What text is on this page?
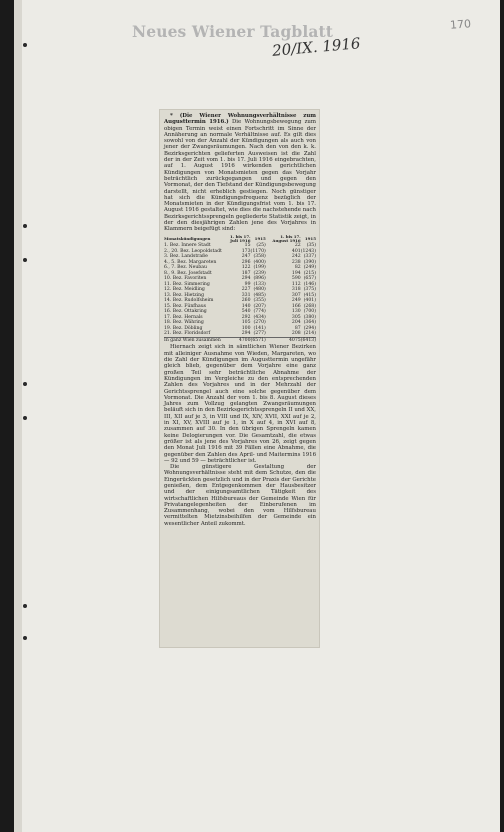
Neues Wiener Tagblatt
20/IX. 1916
170

* (Die Wiener Wohnungsverhältnisse zum Augusttermin 1916.) Die Wohnungsbewegung zum obigen Termin weist einen Fortschritt im Sinne der Annäherung an normale Verhältnisse auf. Es gilt dies sowohl von der Anzahl der Kündigungen als auch von jener der Zwangsräumungen. Nach den von den k. k. Bezirksgerichten gelieferten Ausweisen ist die Zahl der in der Zeit vom 1. bis 17. Juli 1916 eingebrachten, auf 1. August 1916 wirkenden gerichtlichen Kündigungen von Monatsmieten gegen das Vorjahr beträchtlich zurückgegangen und gegen den Vormonat, der den Tiefstand der Kündigungsbewegung darstellt, nicht erheblich gestiegen. Noch günstiger hat sich die Kündigungsfrequenz bezüglich der Monatsmieten in der Kündigungsfrist vom 1. bis 17. August 1916 gestaltet, wie dies die nachstehende nach Bezirksgerichtssprengeln gegliederte Statistik zeigt, in der den diesjährigen Zahlen jene des Vorjahres in Klammern beigefügt sind:

Monatskündigungen	1. bis 17. Juli 1916	1915	1. bis 17. August 1916	1915
1. Bez. Innere Stadt	15	(25)	22	(35)
2., 20. Bez. Leopoldstadt	173	(1170)	401	(1243)
3. Bez. Landstraße	247	(358)	242	(337)
4., 5. Bez. Margareten	296	(400)	238	(390)
6., 7. Bez. Neubau	122	(199)	82	(249)
8., 9. Bez. Josefstadt	187	(239)	194	(215)
10. Bez. Favoriten	294	(896)	590	(657)
11. Bez. Simmering	99	(133)	112	(146)
12. Bez. Meidling	227	(480)	318	(375)
13. Bez. Hietzing	331	(485)	307	(415)
14. Bez. Rudolfsheim	260	(355)	249	(401)
15. Bez. Fünfhaus	140	(207)	166	(268)
16. Bez. Ottakring	540	(774)	130	(700)
17. Bez. Hernals	292	(434)	305	(380)
18. Bez. Währing	105	(270)	204	(364)
19. Bez. Döbling	100	(141)	87	(294)
21. Bez. Floridsdorf	294	(277)	208	(214)
In ganz Wien zusammen	4700	(6571)	4075	(6413)

Hiernach zeigt sich in sämtlichen Wiener Bezirken mit alleiniger Ausnahme von Wieden, Margareten, wo die Zahl der Kündigungen im Augusttermin ungefähr gleich blieb, gegenüber dem Vorjahre eine ganz großen Teil sehr beträchtliche Abnahme der Kündigungen im Vergleiche zu den entsprechenden Zahlen des Vorjahres und in der Mehrzahl der Gerichtssprengel auch eine solche gegenüber dem Vormonat. Die Anzahl der vom 1. bis 8. August dieses Jahres zum Vollzug gelangten Zwangsräumungen beläuft sich in den Bezirksgerichtssprengeln II und XX, III, XII auf je 3, in VIII und IX, XIV, XVII, XXI auf je 2, in XI, XV, XVIII auf je 1, in X auf 4, in XVI auf 8, zusammen auf 30. In den übrigen Sprengeln kamen keine Delogierungen vor. Die Gesamtzahl, die etwas größer ist als jene des Vorjahres von 26, zeigt gegen den Monat Juli 1916 mit 39 Fällen eine Abnahme, die gegenüber den Zahlen des April- und Maitermins 1916 — 92 und 59 — beträchtlicher ist.

Die günstigere Gestaltung der Wohnungsverhältnisse steht mit dem Schutze, den die Eingerückten gesetzlich und in der Praxis der Gerichte genießen, dem Entgegenkommen der Hausbesitzer und der einigungsamtlichen Tätigkeit des wirtschaftlichen Hilfsbureaus der Gemeinde Wien für Privatangelegenheiten der Einberufenen im Zusammenhang, wobei den vom Hilfsbureau vermittelten Mietzinsbeihilfen der Gemeinde ein wesentlicher Anteil zukommt.
